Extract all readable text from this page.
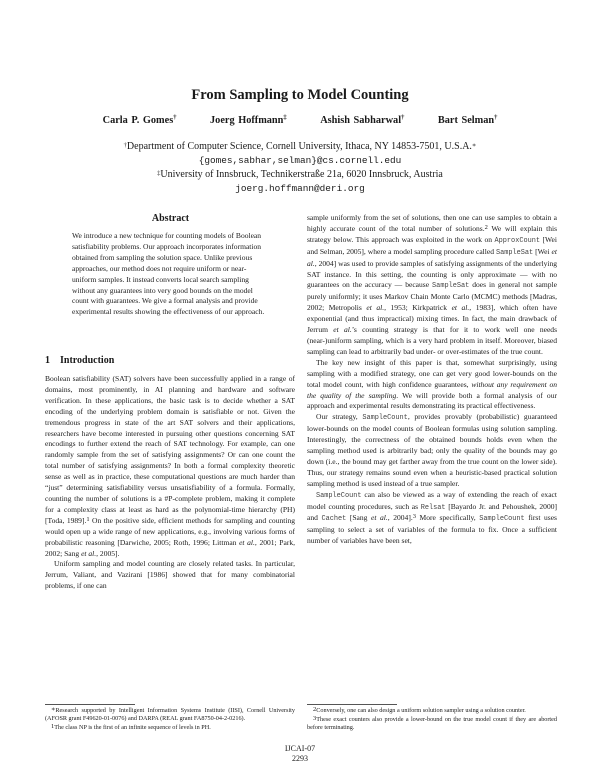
From Sampling to Model Counting
Carla P. Gomes†	Joerg Hoffmann‡	Ashish Sabharwal†	Bart Selman†
†Department of Computer Science, Cornell University, Ithaca, NY 14853-7501, U.S.A.∗
{gomes,sabhar,selman}@cs.cornell.edu
‡University of Innsbruck, Technikerstraße 21a, 6020 Innsbruck, Austria
joerg.hoffmann@deri.org
Abstract
We introduce a new technique for counting models of Boolean satisfiability problems. Our approach incorporates information obtained from sampling the solution space. Unlike previous approaches, our method does not require uniform or near-uniform samples. It instead converts local search sampling without any guarantees into very good bounds on the model count with guarantees. We give a formal analysis and provide experimental results showing the effectiveness of our approach.
1 Introduction

Boolean satisfiability (SAT) solvers have been successfully applied in a range of domains, most prominently, in AI planning and hardware and software verification. In these applications, the basic task is to decide whether a SAT encoding of the underlying problem domain is satisfiable or not. Given the tremendous progress in state of the art SAT solvers and their applications, researchers have become interested in pursuing other questions concerning SAT encodings to further extend the reach of SAT technology. For example, can one randomly sample from the set of satisfying assignments? Or can one count the total number of satisfying assignments? In both a formal complexity theoretic sense as well as in practice, these computational questions are much harder than “just” determining satisfiability versus unsatisfiability of a formula. Formally, counting the number of solutions is a #P-complete problem, making it complete for a complexity class at least as hard as the polynomial-time hierarchy (PH) [Toda, 1989].$^1$ On the positive side, efficient methods for sampling and counting would open up a wide range of new applications, e.g., involving various forms of probabilistic reasoning [Darwiche, 2005; Roth, 1996; Littman et al., 2001; Park, 2002; Sang et al., 2005].

Uniform sampling and model counting are closely related tasks. In particular, Jerrum, Valiant, and Vazirani [1986] showed that for many combinatorial problems, if one can

∗Research supported by Intelligent Information Systems Institute (IISI), Cornell University (AFOSR grant F49620-01-0076) and DARPA (REAL grant FA8750-04-2-0216).

$^1$The class NP is the first of an infinite sequence of levels in PH.

sample uniformly from the set of solutions, then one can use samples to obtain a highly accurate count of the total number of solutions.$^2$ We will explain this strategy below. This approach was exploited in the work on ApproxCount [Wei and Selman, 2005], where a model sampling procedure called SampleSat [Wei et al., 2004] was used to provide samples of satisfying assignments of the underlying SAT instance. In this setting, the counting is only approximate — with no guarantees on the accuracy — because SampleSat does in general not sample purely uniformly; it uses Markov Chain Monte Carlo (MCMC) methods [Madras, 2002; Metropolis et al., 1953; Kirkpatrick et al., 1983], which often have exponential (and thus impractical) mixing times. In fact, the main drawback of Jerrum et al.’s counting strategy is that for it to work well one needs (near-)uniform sampling, which is a very hard problem in itself. Moreover, biased sampling can lead to arbitrarily bad under- or over-estimates of the true count.

The key new insight of this paper is that, somewhat surprisingly, using sampling with a modified strategy, one can get very good lower-bounds on the total model count, with high confidence guarantees, without any requirement on the quality of the sampling. We will provide both a formal analysis of our approach and experimental results demonstrating its practical effectiveness.

Our strategy, SampleCount, provides provably (probabilistic) guaranteed lower-bounds on the model counts of Boolean formulas using solution sampling. Interestingly, the correctness of the obtained bounds holds even when the sampling method used is arbitrarily bad; only the quality of the bounds may go down (i.e., the bound may get farther away from the true count on the lower side). Thus, our strategy remains sound even when a heuristic-based practical solution sampling method is used instead of a true sampler.

SampleCount can also be viewed as a way of extending the reach of exact model counting procedures, such as Relsat [Bayardo Jr. and Pehoushek, 2000] and Cachet [Sang et al., 2004].$^3$ More specifically, SampleCount first uses sampling to select a set of variables of the formula to fix. Once a sufficient number of variables have been set,

$^2$Conversely, one can also design a uniform solution sampler using a solution counter.

$^3$These exact counters also provide a lower-bound on the true model count if they are aborted before terminating.

IJCAI-07
2293
